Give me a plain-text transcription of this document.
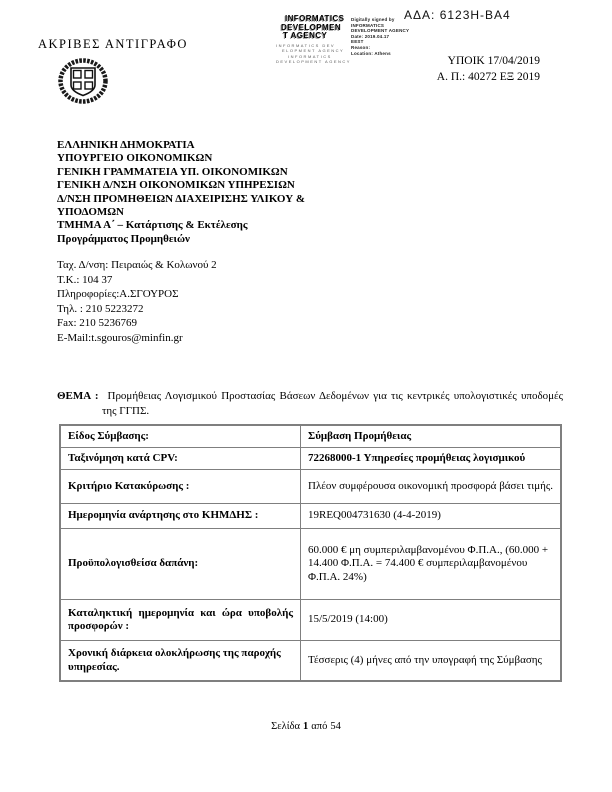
ΑΔΑ: 6123Η-ΒΑ4
ΑΚΡΙΒΕΣ ΑΝΤΙΓΡΑΦΟ
INFORMATICS
DEVELOPMEN
T AGENCY
INFORMATICS DEV
ELOPMENT AGENCY
INFORMATICS
DEVELOPMENT AGENCY
Digitally signed by
INFORMATICS
DEVELOPMENT AGENCY
Date: 2019.04.17
EEST
Reason:
Location: Athens
ΥΠΟΙΚ 17/04/2019
Α. Π.: 40272 ΕΞ 2019
ΕΛΛΗΝΙΚΗ ΔΗΜΟΚΡΑΤΙΑ
ΥΠΟΥΡΓΕΙΟ ΟΙΚΟΝΟΜΙΚΩΝ
ΓΕΝΙΚΗ ΓΡΑΜΜΑΤΕΙΑ ΥΠ. ΟΙΚΟΝΟΜΙΚΩΝ
ΓΕΝΙΚΗ Δ/ΝΣΗ ΟΙΚΟΝΟΜΙΚΩΝ ΥΠΗΡΕΣΙΩΝ
Δ/ΝΣΗ ΠΡΟΜΗΘΕΙΩΝ ΔΙΑΧΕΙΡΙΣΗΣ ΥΛΙΚΟΥ &
ΥΠΟΔΟΜΩΝ
ΤΜΗΜΑ Α΄ – Κατάρτισης & Εκτέλεσης
Προγράμματος Προμηθειών
Ταχ. Δ/νση: Πειραιώς & Κολωνού 2
Τ.Κ.: 104 37
Πληροφορίες:Α.ΣΓΟΥΡΟΣ
Τηλ. : 210 5223272
Fax: 210 5236769
E-Mail:t.sgouros@minfin.gr
ΘΕΜΑ : Προμήθειας Λογισμικού Προστασίας Βάσεων Δεδομένων για τις κεντρικές υπολογιστικές υποδομές της ΓΓΠΣ.
Είδος Σύμβασης:	Σύμβαση Προμήθειας
Ταξινόμηση κατά CPV:	72268000-1 Υπηρεσίες προμήθειας λογισμικού
Κριτήριο Κατακύρωσης :	Πλέον συμφέρουσα οικονομική προσφορά βάσει τιμής.
Ημερομηνία ανάρτησης στο ΚΗΜΔΗΣ :	19REQ004731630 (4-4-2019)
Προϋπολογισθείσα δαπάνη:	60.000 € μη συμπεριλαμβανομένου Φ.Π.Α., (60.000 + 14.400 Φ.Π.Α. = 74.400 € συμπεριλαμβανομένου Φ.Π.Α. 24%)
Καταληκτική ημερομηνία και ώρα υποβολής προσφορών :	15/5/2019 (14:00)
Χρονική διάρκεια ολοκλήρωσης της παροχής υπηρεσίας.	Τέσσερις (4) μήνες από την υπογραφή της Σύμβασης
Σελίδα 1 από 54
